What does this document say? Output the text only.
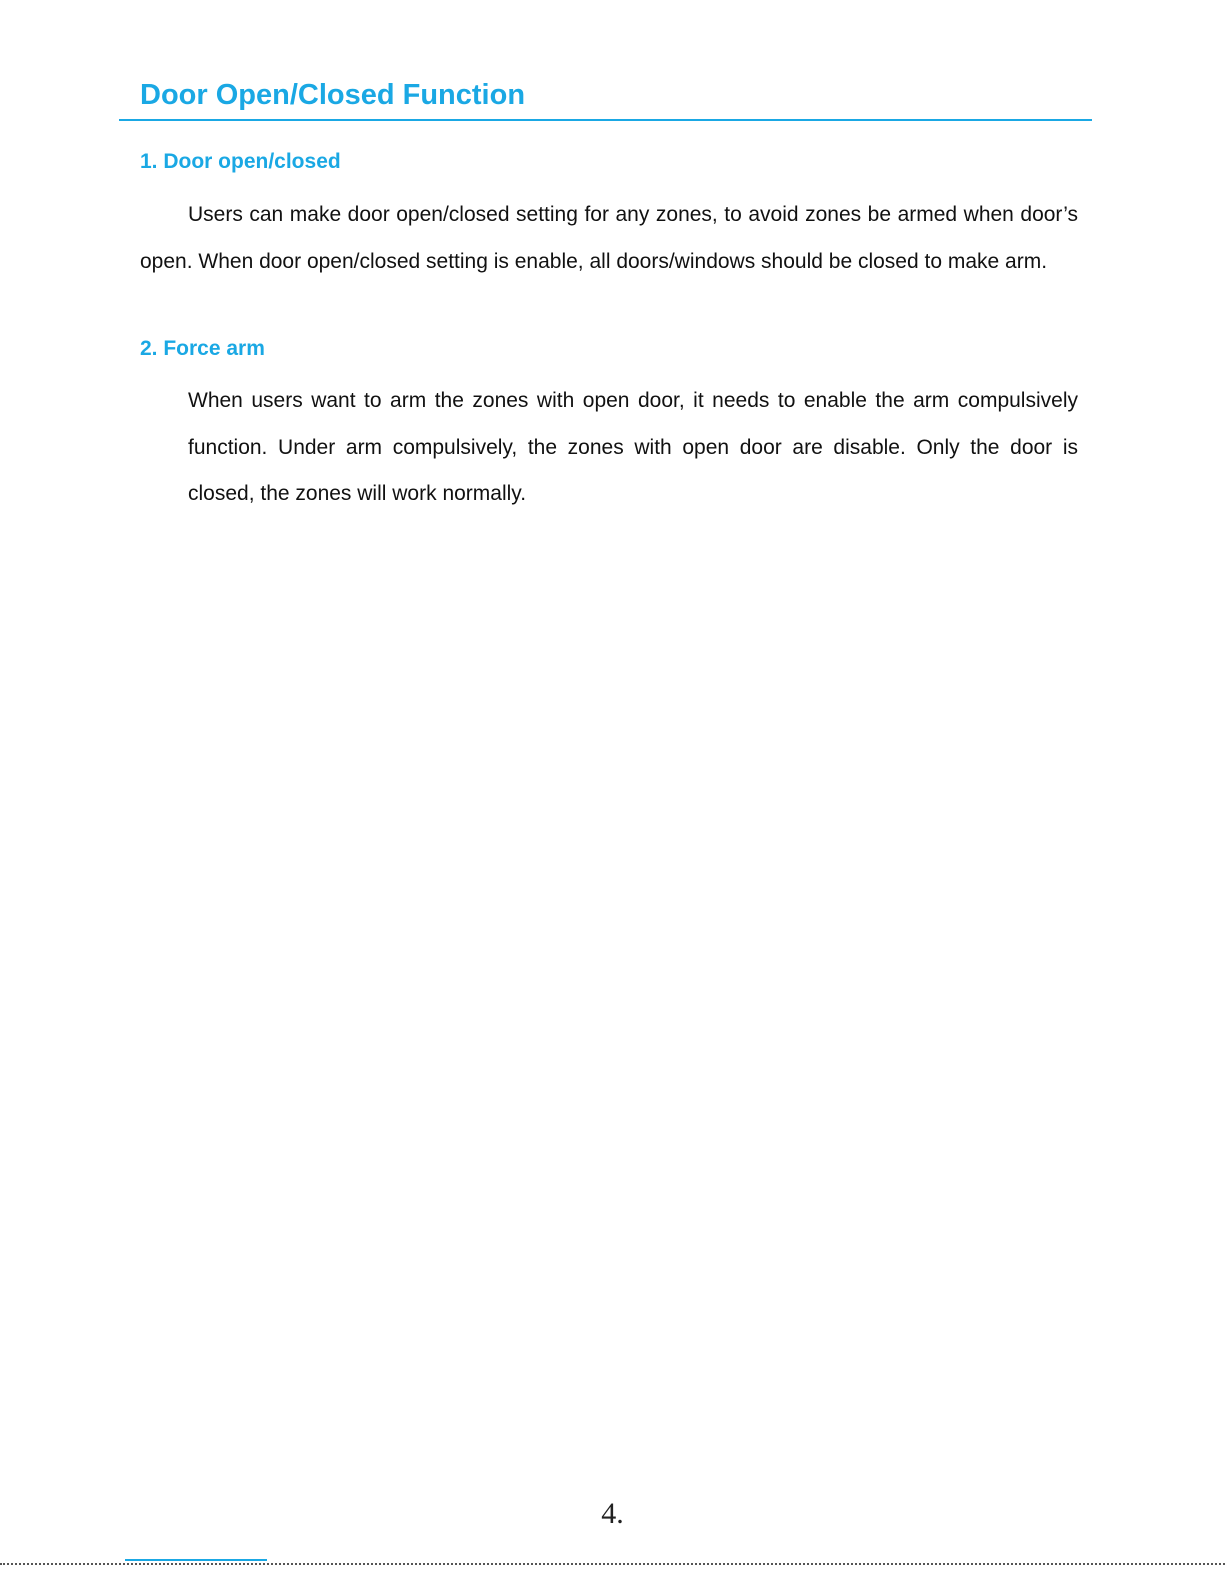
Door Open/Closed Function
1. Door open/closed

Users can make door open/closed setting for any zones, to avoid zones be armed when door’s open. When door open/closed setting is enable, all doors/windows should be closed to make arm.

2. Force arm

When users want to arm the zones with open door, it needs to enable the arm compulsively function. Under arm compulsively, the zones with open door are disable. Only the door is closed, the zones will work normally.

4.
